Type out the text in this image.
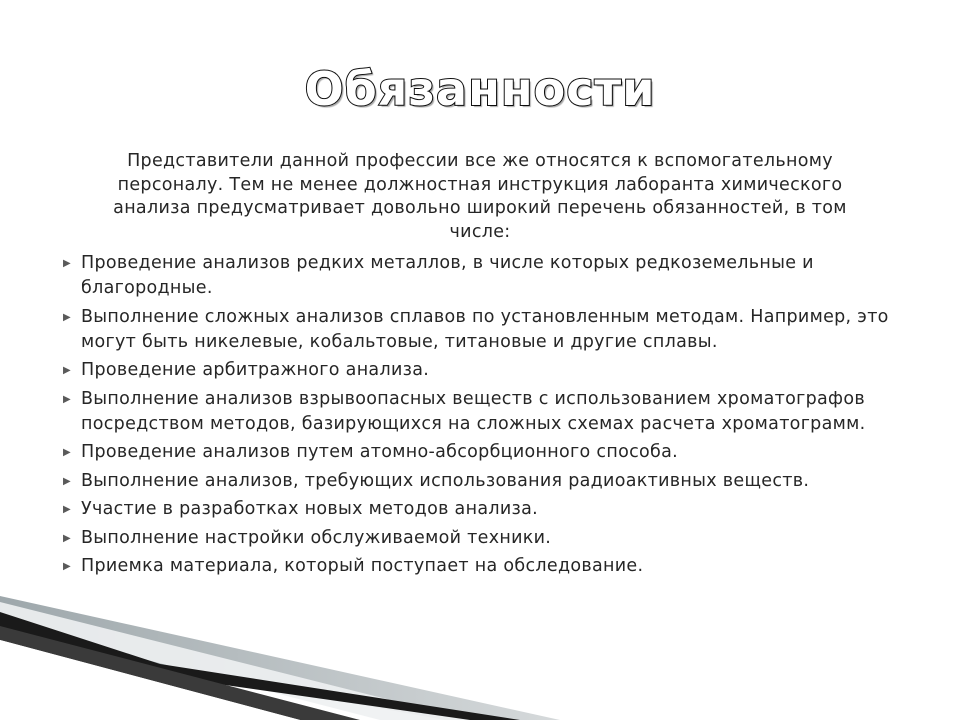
Обязанности

Представители данной профессии все же относятся к вспомогательному персоналу. Тем не менее должностная инструкция лаборанта химического анализа предусматривает довольно широкий перечень обязанностей, в том числе:

▶ Проведение анализов редких металлов, в числе которых редкоземельные и благородные.
▶ Выполнение сложных анализов сплавов по установленным методам. Например, это могут быть никелевые, кобальтовые, титановые и другие сплавы.
▶ Проведение арбитражного анализа.
▶ Выполнение анализов взрывоопасных веществ с использованием хроматографов посредством методов, базирующихся на сложных схемах расчета хроматограмм.
▶ Проведение анализов путем атомно-абсорбционного способа.
▶ Выполнение анализов, требующих использования радиоактивных веществ.
▶ Участие в разработках новых методов анализа.
▶ Выполнение настройки обслуживаемой техники.
▶ Приемка материала, который поступает на обследование.
